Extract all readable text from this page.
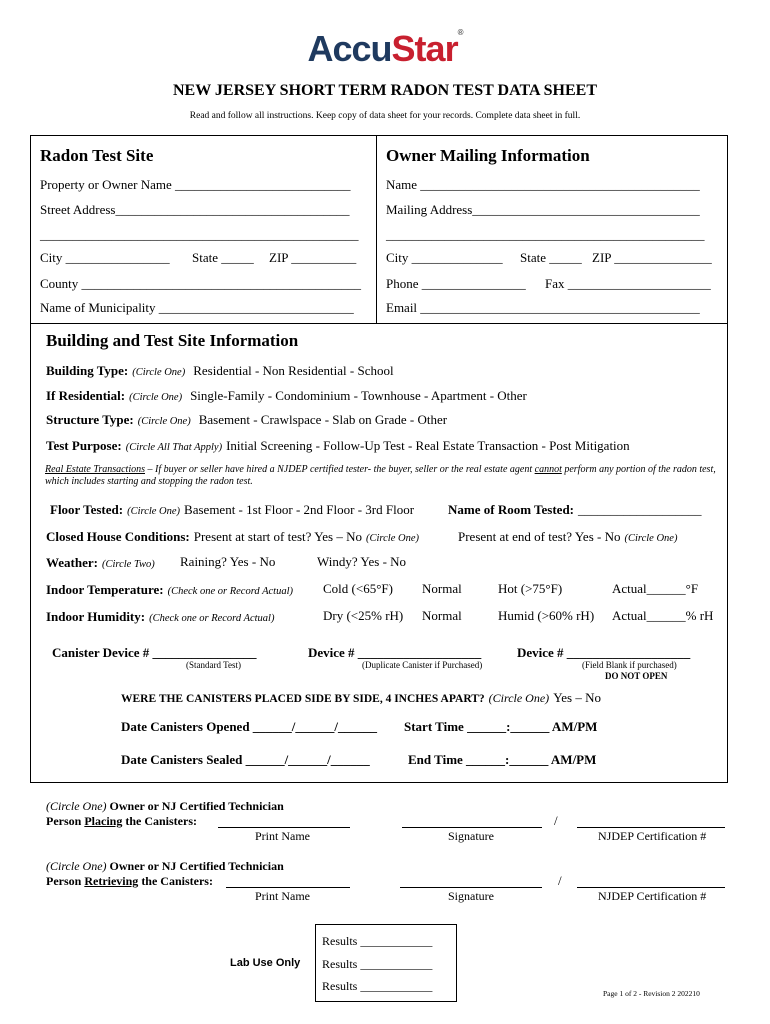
AccuStar®
NEW JERSEY SHORT TERM RADON TEST DATA SHEET
Read and follow all instructions. Keep copy of data sheet for your records. Complete data sheet in full.
Radon Test Site
Property or Owner Name ___________________________
Street Address____________________________________
_________________________________________________
City ________________ State _____ ZIP __________
County ___________________________________________
Name of Municipality ______________________________
Owner Mailing Information
Name ___________________________________________
Mailing Address___________________________________
_________________________________________________
City ______________ State _____ ZIP _______________
Phone ________________ Fax ______________________
Email ___________________________________________
Building and Test Site Information
Building Type: (Circle One) Residential - Non Residential - School
If Residential: (Circle One) Single-Family - Condominium - Townhouse - Apartment - Other
Structure Type: (Circle One) Basement - Crawlspace - Slab on Grade - Other
Test Purpose: (Circle All That Apply) Initial Screening - Follow-Up Test - Real Estate Transaction - Post Mitigation
Real Estate Transactions – If buyer or seller have hired a NJDEP certified tester- the buyer, seller or the real estate agent cannot perform any portion of the radon test, which includes starting and stopping the radon test.
Floor Tested: (Circle One) Basement - 1st Floor - 2nd Floor - 3rd Floor	Name of Room Tested: ___________________
Closed House Conditions: Present at start of test? Yes – No (Circle One)	Present at end of test? Yes - No (Circle One)
Weather: (Circle Two) Raining? Yes - No	Windy? Yes - No
Indoor Temperature: (Check one or Record Actual) Cold (<65°F) Normal	Hot (>75°F)	Actual______°F
Indoor Humidity: (Check one or Record Actual)	Dry (<25% rH) Normal	Humid (>60% rH) Actual______% rH
Canister Device # ________________
(Standard Test)
Device # ___________________
(Duplicate Canister if Purchased)
Device # ___________________
(Field Blank if purchased)
DO NOT OPEN
WERE THE CANISTERS PLACED SIDE BY SIDE, 4 INCHES APART? (Circle One) Yes – No
Date Canisters Opened ______/______/______ Start Time ______:______ AM/PM
Date Canisters Sealed ______/______/______	End Time ______:______ AM/PM
(Circle One) Owner or NJ Certified Technician
Person Placing the Canisters:	/
Print Name	Signature	NJDEP Certification #
(Circle One) Owner or NJ Certified Technician
Person Retrieving the Canisters:	/
Print Name	Signature	NJDEP Certification #
Lab Use Only
Results ____________
Results ____________
Results ____________
Page 1 of 2 - Revision 2 202210
